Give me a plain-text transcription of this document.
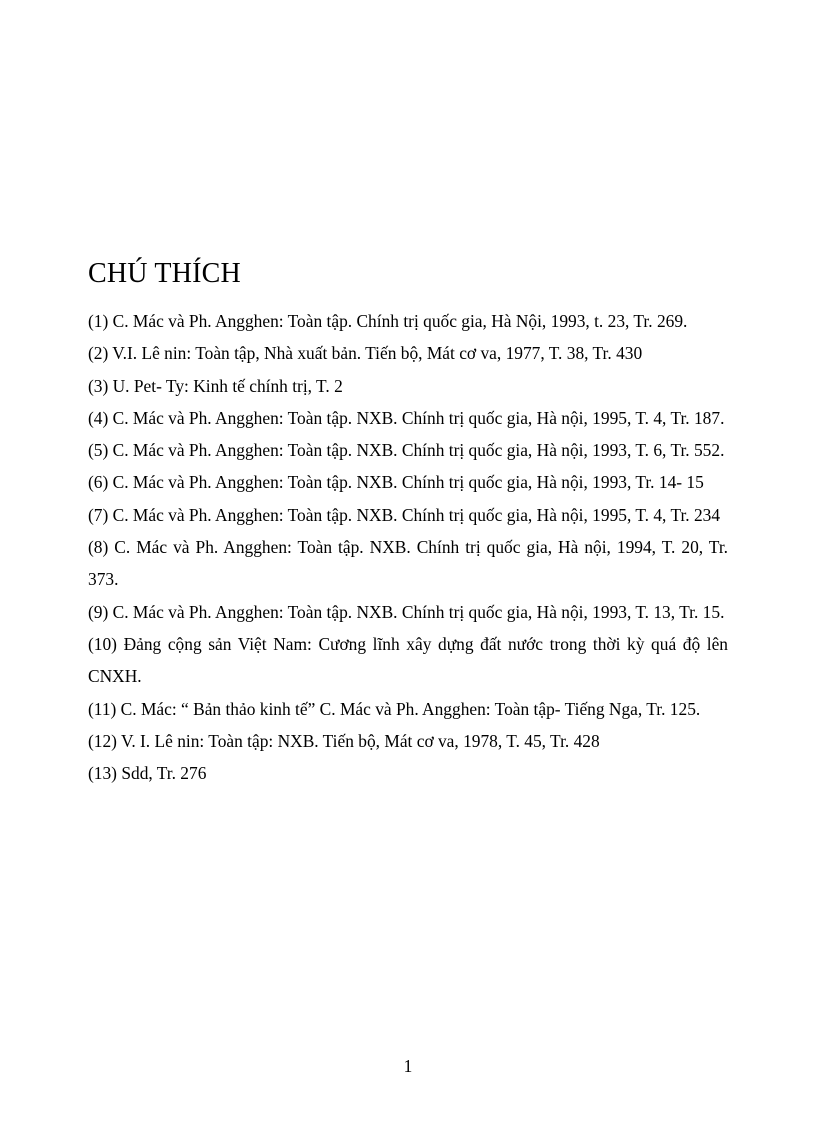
CHÚ THÍCH

(1) C. Mác và Ph. Angghen: Toàn tập. Chính trị quốc gia, Hà Nội, 1993, t. 23, Tr. 269.

(2) V.I. Lê nin: Toàn tập, Nhà xuất bản. Tiến bộ, Mát cơ va, 1977, T. 38, Tr. 430

(3) U. Pet- Ty: Kinh tế chính trị, T. 2

(4) C. Mác và Ph. Angghen: Toàn tập. NXB. Chính trị quốc gia, Hà nội, 1995, T. 4, Tr. 187.

(5) C. Mác và Ph. Angghen: Toàn tập. NXB. Chính trị quốc gia, Hà nội, 1993, T. 6, Tr. 552.

(6) C. Mác và Ph. Angghen: Toàn tập. NXB. Chính trị quốc gia, Hà nội, 1993, Tr. 14- 15

(7) C. Mác và Ph. Angghen: Toàn tập. NXB. Chính trị quốc gia, Hà nội, 1995, T. 4, Tr. 234

(8) C. Mác và Ph. Angghen: Toàn tập. NXB. Chính trị quốc gia, Hà nội, 1994, T. 20, Tr. 373.

(9) C. Mác và Ph. Angghen: Toàn tập. NXB. Chính trị quốc gia, Hà nội, 1993, T. 13, Tr. 15.

(10) Đảng cộng sản Việt Nam: Cương lĩnh xây dựng đất nước trong thời kỳ quá độ lên CNXH.

(11) C. Mác: “ Bản thảo kinh tế” C. Mác và Ph. Angghen: Toàn tập- Tiếng Nga, Tr. 125.

(12) V. I. Lê nin: Toàn tập: NXB. Tiến bộ, Mát cơ va, 1978, T. 45, Tr. 428

(13) Sdd, Tr. 276

1
